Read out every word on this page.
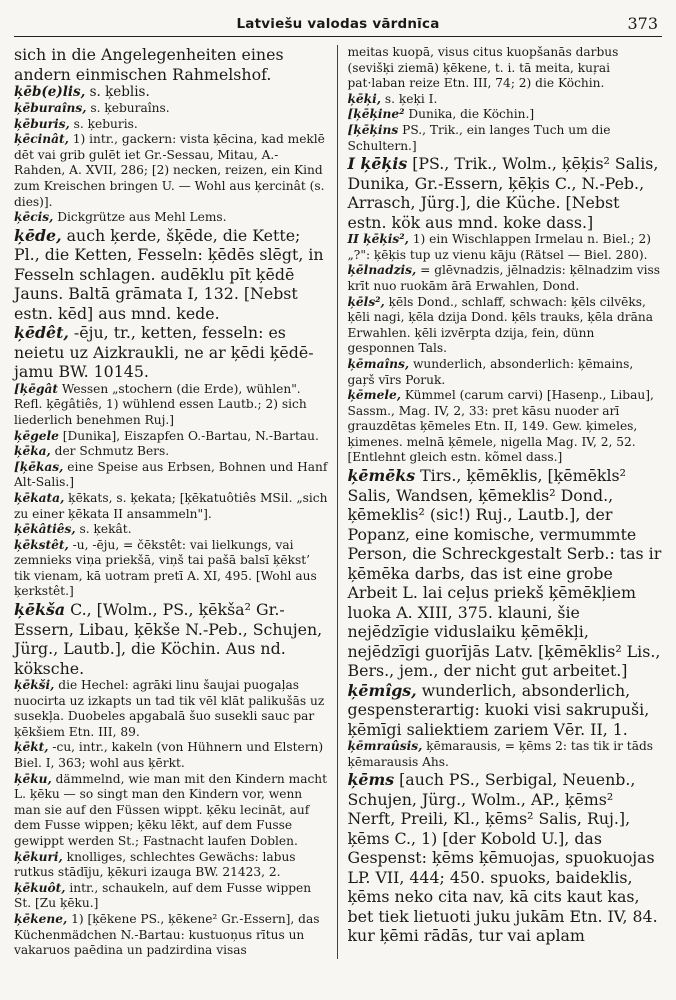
Latviešu valodas vārdnīca	373

sich in die Angelegenheiten eines andern einmischen Rahmelshof.

ķēb(e)lis, s. ķeblis.

ķēburaîns, s. ķeburaîns.

ķēburis, s. ķeburis.

ķēcinât, 1) intr., gackern: vista ķēcina, kad meklē dēt vai grib gulēt iet Gr.-Sessau, Mitau, A.-Rahden, A. XVII, 286; [2) necken, reizen, ein Kind zum Kreischen bringen U. — Wohl aus ķercinât (s. dies)].

ķēcis, Dickgrütze aus Mehl Lems.

ķēde, auch ķerde, šķēde, die Kette; Pl., die Ketten, Fesseln: ķēdēs slēgt, in Fesseln schlagen. audēklu pīt ķēdē Jauns. Baltā grāmata I, 132. [Nebst estn. kēd] aus mnd. kede.

ķēdêt, -ēju, tr., ketten, fesseln: es neietu uz Aizkraukli, ne ar ķēdi ķēdē-jamu BW. 10145.

[ķēgât Wessen „stochern (die Erde), wühlen". Refl. ķēgâtiês, 1) wühlend essen Lautb.; 2) sich liederlich benehmen Ruj.]

ķēgele [Dunika], Eiszapfen O.-Bartau, N.-Bartau.

ķēka, der Schmutz Bers.

[ķēkas, eine Speise aus Erbsen, Bohnen und Hanf Alt-Salis.]

ķēkata, ķēkats, s. ķekata; [ķēkatuôtiês MSil. „sich zu einer ķēkata II ansammeln"].

ķēkâtiês, s. ķekât.

ķēkstêt, -u, -ēju, = čēkstêt: vai lielkungs, vai zemnieks viņa priekšā, viņš tai pašā balsī ķēkst’ tik vienam, kā uotram pretī A. XI, 495. [Wohl aus ķerkstêt.]

ķēkša C., [Wolm., PS., ķēkša² Gr.-Essern, Libau, ķēkše N.-Peb., Schujen, Jürg., Lautb.], die Köchin. Aus nd. köksche.

ķēkši, die Hechel: agrāki linu šaujai puogaļas nuocirta uz izkapts un tad tik vēl klāt palikušās uz susekļa. Duobeles apgabalā šuo susekli sauc par ķēkšiem Etn. III, 89.

ķēkt, -cu, intr., kakeln (von Hühnern und Elstern) Biel. I, 363; wohl aus ķērkt.

ķēku, dämmelnd, wie man mit den Kindern macht L. ķēku — so singt man den Kindern vor, wenn man sie auf den Füssen wippt. ķēku lecināt, auf dem Fusse wippen; ķēku lēkt, auf dem Fusse gewippt werden St.; Fastnacht laufen Doblen.

ķēkuri, knolliges, schlechtes Gewächs: labus rutkus stādīju, ķēkuri izauga BW. 21423, 2.

ķēkuôt, intr., schaukeln, auf dem Fusse wippen St. [Zu ķēku.]

ķēkene, 1) [ķēkene PS., ķēkene² Gr.-Essern], das Küchenmädchen N.-Bartau: kustuoņus rītus un vakaruos paēdina un padzirdina visas

meitas kuopā, visus citus kuopšanās darbus (sevišķi ziemā) ķēkene, t. i. tā meita, kuŗai pat·laban reize Etn. III, 74; 2) die Köchin.

ķēķi, s. ķeķi I.

[ķēķine² Dunika, die Köchin.]

[ķēķins PS., Trik., ein langes Tuch um die Schultern.]

I ķēķis [PS., Trik., Wolm., ķēķis² Salis, Dunika, Gr.-Essern, ķēķis C., N.-Peb., Arrasch, Jürg.], die Küche. [Nebst estn. kök aus mnd. koke dass.]

II ķēķis², 1) ein Wischlappen Irmelau n. Biel.; 2) „?": ķēķis tup uz vienu kāju (Rätsel — Biel. 280).

ķēlnadzis, = glēvnadzis, jēlnadzis: ķēlnadzim viss krīt nuo ruokām ārā Erwahlen, Dond.

ķēls², ķēls Dond., schlaff, schwach: ķēls cilvēks, ķēli nagi, ķēla dzija Dond. ķēls trauks, ķēla drāna Erwahlen. ķēli izvērpta dzija, fein, dünn gesponnen Tals.

ķēmaîns, wunderlich, absonderlich: ķēmains, gaŗš vīrs Poruk.

ķēmele, Kümmel (carum carvi) [Hasenp., Libau], Sassm., Mag. IV, 2, 33: pret kāsu nuoder arī grauzdētas ķēmeles Etn. II, 149. Gew. ķimeles, ķimenes. melnā ķēmele, nigella Mag. IV, 2, 52. [Entlehnt gleich estn. kõmel dass.]

ķēmēks Tirs., ķēmēklis, [ķēmēkls² Salis, Wandsen, ķēmeklis² Dond., ķēmeklis² (sic!) Ruj., Lautb.], der Popanz, eine komische, vermummte Person, die Schreckgestalt Serb.: tas ir ķēmēka darbs, das ist eine grobe Arbeit L. lai ceļus priekš ķēmēkļiem luoka A. XIII, 375. klauni, šie nejēdzīgie viduslaiku ķēmēkļi, nejēdzīgi guorījās Latv. [ķēmēklis² Lis., Bers., jem., der nicht gut arbeitet.]

ķēmîgs, wunderlich, absonderlich, gespensterartig: kuoki visi sakrupuši, ķēmīgi saliektiem zariem Vēr. II, 1.

ķēmraûsis, ķēmarausis, = ķēms 2: tas tik ir tāds ķēmarausis Ahs.

ķēms [auch PS., Serbigal, Neuenb., Schujen, Jürg., Wolm., AP., ķēms² Nerft, Preili, Kl., ķēms² Salis, Ruj.], ķēms C., 1) [der Kobold U.], das Gespenst: ķēms ķēmuojas, spuokuojas LP. VII, 444; 450. spuoks, baideklis, ķēms neko cita nav, kā cits kaut kas, bet tiek lietuoti juku jukām Etn. IV, 84. kur ķēmi rādās, tur vai aplam
